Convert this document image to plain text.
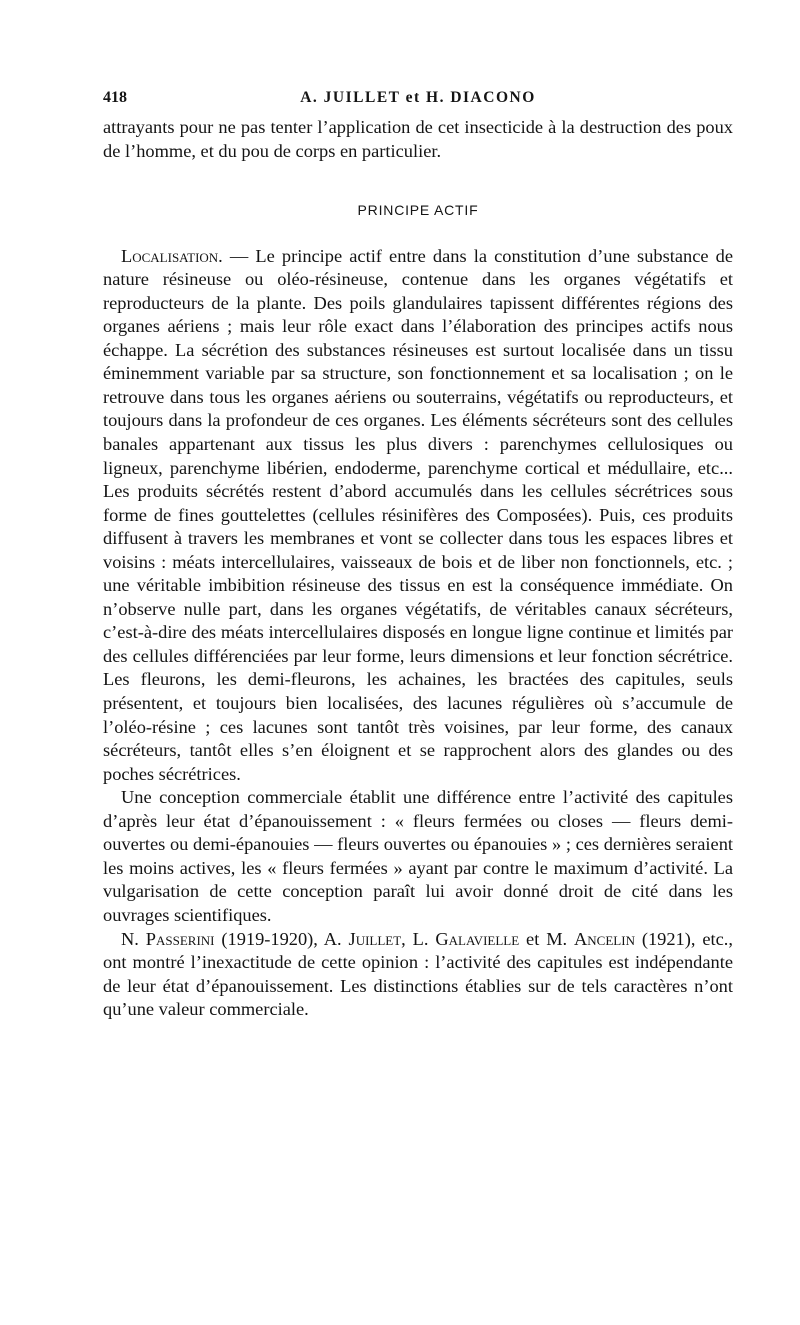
418	A. JUILLET et H. DIACONO

attrayants pour ne pas tenter l’application de cet insecticide à la destruction des poux de l’homme, et du pou de corps en particulier.

PRINCIPE ACTIF

Localisation. — Le principe actif entre dans la constitution d’une substance de nature résineuse ou oléo-résineuse, contenue dans les organes végétatifs et reproducteurs de la plante. Des poils glandulaires tapissent différentes régions des organes aériens ; mais leur rôle exact dans l’élaboration des principes actifs nous échappe. La sécrétion des substances résineuses est surtout localisée dans un tissu éminemment variable par sa structure, son fonctionnement et sa localisation ; on le retrouve dans tous les organes aériens ou souterrains, végétatifs ou reproducteurs, et toujours dans la profondeur de ces organes. Les éléments sécréteurs sont des cellules banales appartenant aux tissus les plus divers : parenchymes cellulosiques ou ligneux, parenchyme libérien, endoderme, parenchyme cortical et médullaire, etc... Les produits sécrétés restent d’abord accumulés dans les cellules sécrétrices sous forme de fines gouttelettes (cellules résinifères des Composées). Puis, ces produits diffusent à travers les membranes et vont se collecter dans tous les espaces libres et voisins : méats intercellulaires, vaisseaux de bois et de liber non fonctionnels, etc. ; une véritable imbibition résineuse des tissus en est la conséquence immédiate. On n’observe nulle part, dans les organes végétatifs, de véritables canaux sécréteurs, c’est-à-dire des méats intercellulaires disposés en longue ligne continue et limités par des cellules différenciées par leur forme, leurs dimensions et leur fonction sécrétrice. Les fleurons, les demi-fleurons, les achaines, les bractées des capitules, seuls présentent, et toujours bien localisées, des lacunes régulières où s’accumule de l’oléo-résine ; ces lacunes sont tantôt très voisines, par leur forme, des canaux sécréteurs, tantôt elles s’en éloignent et se rapprochent alors des glandes ou des poches sécrétrices.

Une conception commerciale établit une différence entre l’activité des capitules d’après leur état d’épanouissement : « fleurs fermées ou closes — fleurs demi-ouvertes ou demi-épanouies — fleurs ouvertes ou épanouies » ; ces dernières seraient les moins actives, les « fleurs fermées » ayant par contre le maximum d’activité. La vulgarisation de cette conception paraît lui avoir donné droit de cité dans les ouvrages scientifiques.

N. Passerini (1919-1920), A. Juillet, L. Galavielle et M. Ancelin (1921), etc., ont montré l’inexactitude de cette opinion : l’activité des capitules est indépendante de leur état d’épanouissement. Les distinctions établies sur de tels caractères n’ont qu’une valeur commerciale.
